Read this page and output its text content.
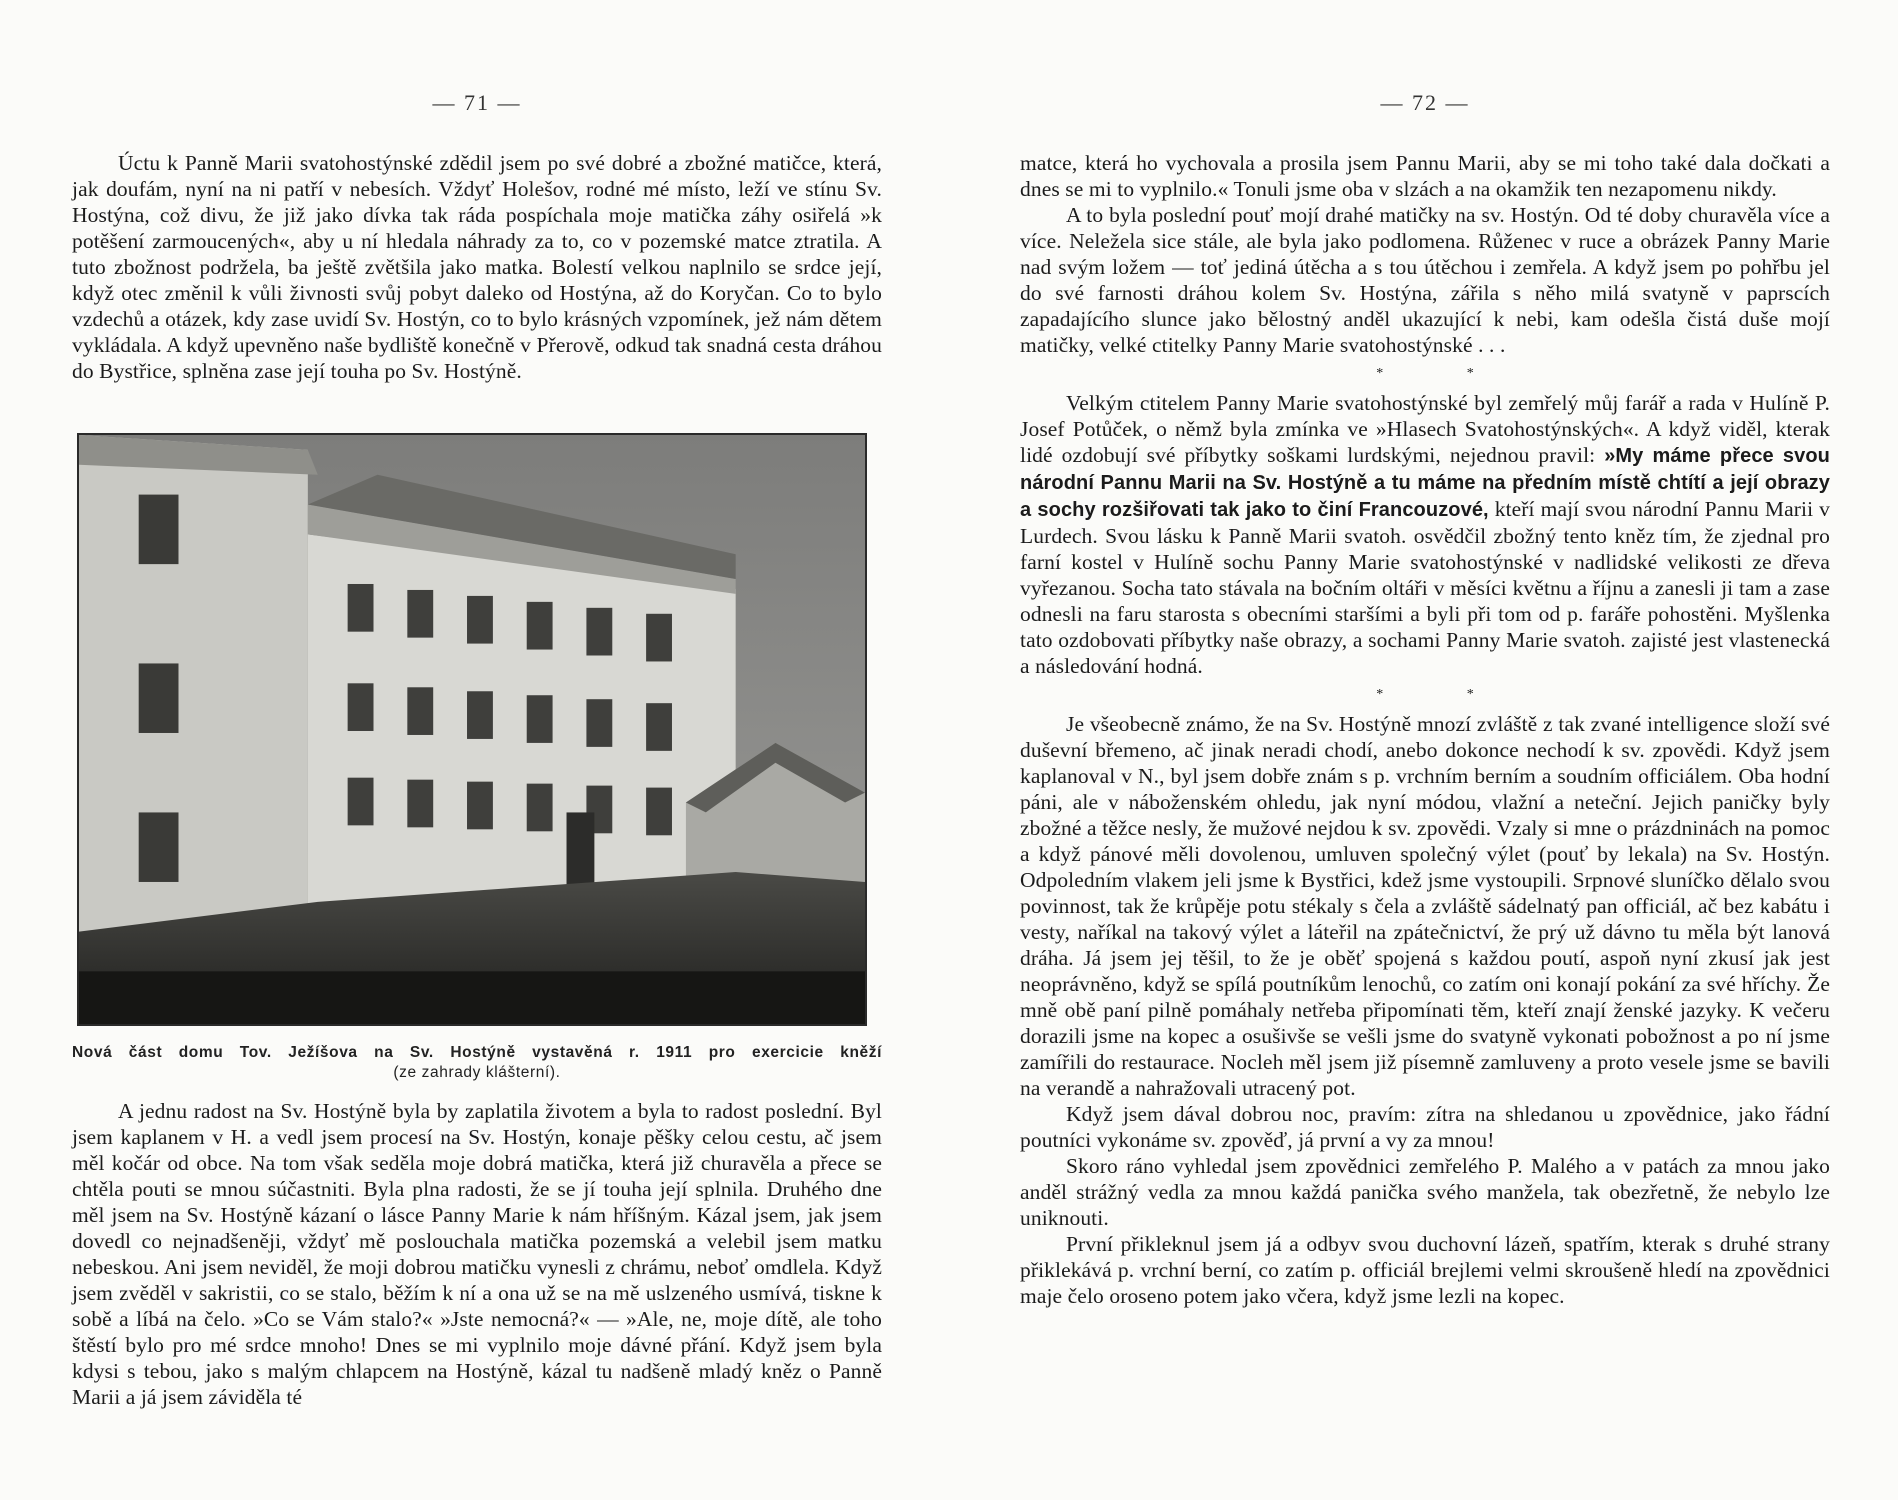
— 71 —

Úctu k Panně Marii svatohostýnské zdědil jsem po své dobré a zbožné matičce, která, jak doufám, nyní na ni patří v nebesích. Vždyť Holešov, rodné mé místo, leží ve stínu Sv. Hostýna, což divu, že již jako dívka tak ráda pospíchala moje matička záhy osiřelá »k potěšení zarmoucených«, aby u ní hledala náhrady za to, co v pozemské matce ztratila. A tuto zbožnost podržela, ba ještě zvětšila jako matka. Bolestí velkou naplnilo se srdce její, když otec změnil k vůli živnosti svůj pobyt daleko od Hostýna, až do Koryčan. Co to bylo vzdechů a otázek, kdy zase uvidí Sv. Hostýn, co to bylo krásných vzpomínek, jež nám dětem vykládala. A když upevněno naše bydliště konečně v Přerově, odkud tak snadná cesta dráhou do Bystřice, splněna zase její touha po Sv. Hostýně.

Nová část domu Tov. Ježíšova na Sv. Hostýně vystavěná r. 1911 pro exercicie kněží
(ze zahrady klášterní).

A jednu radost na Sv. Hostýně byla by zaplatila životem a byla to radost poslední. Byl jsem kaplanem v H. a vedl jsem procesí na Sv. Hostýn, konaje pěšky celou cestu, ač jsem měl kočár od obce. Na tom však seděla moje dobrá matička, která již churavěla a přece se chtěla pouti se mnou súčastniti. Byla plna radosti, že se jí touha její splnila. Druhého dne měl jsem na Sv. Hostýně kázaní o lásce Panny Marie k nám hříšným. Kázal jsem, jak jsem dovedl co nejnadšeněji, vždyť mě poslouchala matička pozemská a velebil jsem matku nebeskou. Ani jsem neviděl, že moji dobrou matičku vynesli z chrámu, neboť omdlela. Když jsem zvěděl v sakristii, co se stalo, běžím k ní a ona už se na mě uslzeného usmívá, tiskne k sobě a líbá na čelo. »Co se Vám stalo?« »Jste nemocná?« — »Ale, ne, moje dítě, ale toho štěstí bylo pro mé srdce mnoho! Dnes se mi vyplnilo moje dávné přání. Když jsem byla kdysi s tebou, jako s malým chlapcem na Hostýně, kázal tu nadšeně mladý kněz o Panně Marii a já jsem záviděla té

— 72 —

matce, která ho vychovala a prosila jsem Pannu Marii, aby se mi toho také dala dočkati a dnes se mi to vyplnilo.« Tonuli jsme oba v slzách a na okamžik ten nezapomenu nikdy.

A to byla poslední pouť mojí drahé matičky na sv. Hostýn. Od té doby churavěla více a více. Neležela sice stále, ale byla jako podlomena. Růženec v ruce a obrázek Panny Marie nad svým ložem — toť jediná útěcha a s tou útěchou i zemřela. A když jsem po pohřbu jel do své farnosti dráhou kolem Sv. Hostýna, zářila s něho milá svatyně v paprscích zapadajícího slunce jako bělostný anděl ukazující k nebi, kam odešla čistá duše mojí matičky, velké ctitelky Panny Marie svatohostýnské . . .

* *

Velkým ctitelem Panny Marie svatohostýnské byl zemřelý můj farář a rada v Hulíně P. Josef Potůček, o němž byla zmínka ve »Hlasech Svatohostýnských«. A když viděl, kterak lidé ozdobují své příbytky soškami lurdskými, nejednou pravil: »My máme přece svou národní Pannu Marii na Sv. Hostýně a tu máme na předním místě chtítí a její obrazy a sochy rozšiřovati tak jako to činí Francouzové, kteří mají svou národní Pannu Marii v Lurdech. Svou lásku k Panně Marii svatoh. osvědčil zbožný tento kněz tím, že zjednal pro farní kostel v Hulíně sochu Panny Marie svatohostýnské v nadlidské velikosti ze dřeva vyřezanou. Socha tato stávala na bočním oltáři v měsíci květnu a říjnu a zanesli ji tam a zase odnesli na faru starosta s obecními staršími a byli při tom od p. faráře pohostěni. Myšlenka tato ozdobovati příbytky naše obrazy, a sochami Panny Marie svatoh. zajisté jest vlastenecká a následování hodná.

* *

Je všeobecně známo, že na Sv. Hostýně mnozí zvláště z tak zvané intelligence složí své duševní břemeno, ač jinak neradi chodí, anebo dokonce nechodí k sv. zpovědi. Když jsem kaplanoval v N., byl jsem dobře znám s p. vrchním berním a soudním officiálem. Oba hodní páni, ale v náboženském ohledu, jak nyní módou, vlažní a neteční. Jejich paničky byly zbožné a těžce nesly, že mužové nejdou k sv. zpovědi. Vzaly si mne o prázdninách na pomoc a když pánové měli dovolenou, umluven společný výlet (pouť by lekala) na Sv. Hostýn. Odpoledním vlakem jeli jsme k Bystřici, kdež jsme vystoupili. Srpnové sluníčko dělalo svou povinnost, tak že krůpěje potu stékaly s čela a zvláště sádelnatý pan officiál, ač bez kabátu i vesty, naříkal na takový výlet a láteřil na zpátečnictví, že prý už dávno tu měla být lanová dráha. Já jsem jej těšil, to že je oběť spojená s každou poutí, aspoň nyní zkusí jak jest neoprávněno, když se spílá poutníkům lenochů, co zatím oni konají pokání za své hříchy. Že mně obě paní pilně pomáhaly netřeba připomínati těm, kteří znají ženské jazyky. K večeru dorazili jsme na kopec a osušivše se vešli jsme do svatyně vykonati pobožnost a po ní jsme zamířili do restaurace. Nocleh měl jsem již písemně zamluveny a proto vesele jsme se bavili na verandě a nahražovali utracený pot.

Když jsem dával dobrou noc, pravím: zítra na shledanou u zpovědnice, jako řádní poutníci vykonáme sv. zpověď, já první a vy za mnou!

Skoro ráno vyhledal jsem zpovědnici zemřelého P. Malého a v patách za mnou jako anděl strážný vedla za mnou každá panička svého manžela, tak obezřetně, že nebylo lze uniknouti.

První přikleknul jsem já a odbyv svou duchovní lázeň, spatřím, kterak s druhé strany přiklekává p. vrchní berní, co zatím p. officiál brejlemi velmi skroušeně hledí na zpovědnici maje čelo oroseno potem jako včera, když jsme lezli na kopec.
